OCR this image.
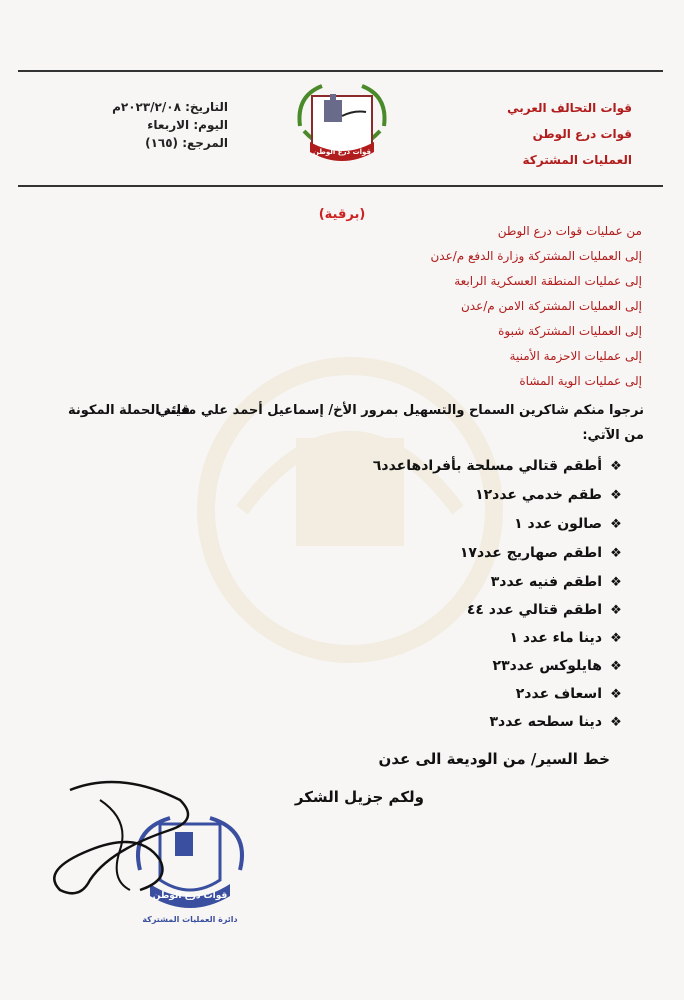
قوات التحالف العربي
قوات درع الوطن
العمليات المشتركة
التاريخ: ٢٠٢٣/٢/٠٨م
اليوم: الاربعاء
المرجع: (١٦٥)
قوات درع الوطن
(برقية)
من عمليات قوات درع الوطن
إلى العمليات المشتركة وزارة الدفع م/عدن
إلى عمليات المنطقة العسكرية الرابعة
إلى العمليات المشتركة الامن م/عدن
إلى العمليات المشتركة شبوة
إلى عمليات الاحزمة الأمنية
إلى عمليات الوية المشاة
نرجوا منكم شاكرين السماح والتسهيل بمرور الأخ/ إسماعيل أحمد علي مغيني
قائد الحملة المكونة
من الآتي:
❖أطقم قتالي مسلحة بأفرادهاعدد٦
❖طقم خدمي عدد١٢
❖صالون عدد ١
❖اطقم صهاريج عدد١٧
❖اطقم فنيه عدد٣
❖اطقم قتالي عدد ٤٤
❖دينا ماء عدد ١
❖هايلوكس عدد٢٣
❖اسعاف عدد٢
❖دينا سطحه عدد٣
خط السير/ من الوديعة الى عدن
ولكم جزيل الشكر
قوات درع الوطن
دائرة العمليات المشتركة
